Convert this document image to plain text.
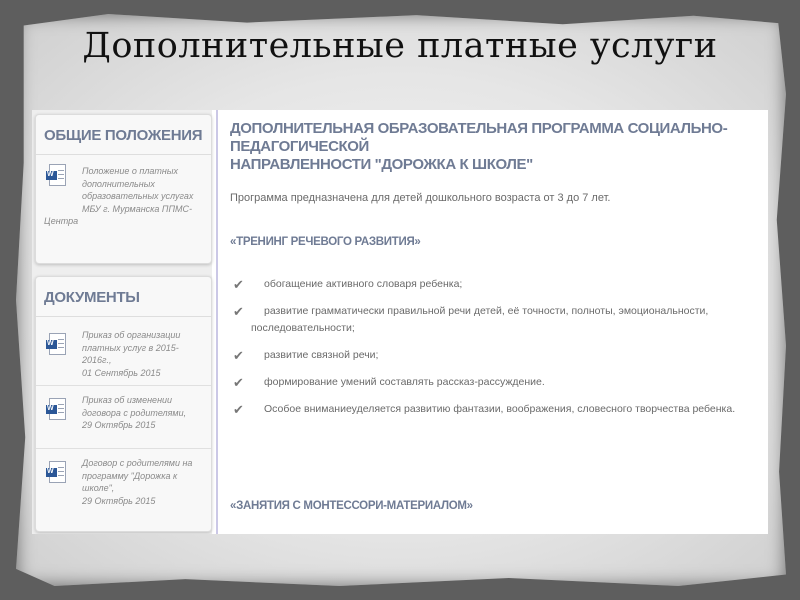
Дополнительные платные услуги
ОБЩИЕ ПОЛОЖЕНИЯ
W
Положение о платных
дополнительных
образовательных услугах
МБУ г. Мурманска ППМС-
Центра
ДОКУМЕНТЫ
W
Приказ об организации
платных услуг в 2015-2016г.,
01 Сентябрь 2015
W
Приказ об изменении
договора с родителями,
29 Октябрь 2015
W
Договор с родителями на
программу "Дорожка к
школе",
29 Октябрь 2015
ДОПОЛНИТЕЛЬНАЯ ОБРАЗОВАТЕЛЬНАЯ ПРОГРАММА СОЦИАЛЬНО-ПЕДАГОГИЧЕСКОЙ
НАПРАВЛЕННОСТИ "ДОРОЖКА К ШКОЛЕ"
Программа предназначена для детей дошкольного возраста от 3 до 7 лет.
«ТРЕНИНГ РЕЧЕВОГО РАЗВИТИЯ»
✔ обогащение активного словаря ребенка;
✔ развитие грамматически правильной речи детей, её точности, полноты, эмоциональности,
последовательности;
✔ развитие связной речи;
✔ формирование умений составлять рассказ-рассуждение.
✔ Особое вниманиеуделяется развитию фантазии, воображения, словесного творчества ребенка.
«ЗАНЯТИЯ С МОНТЕССОРИ-МАТЕРИАЛОМ»
